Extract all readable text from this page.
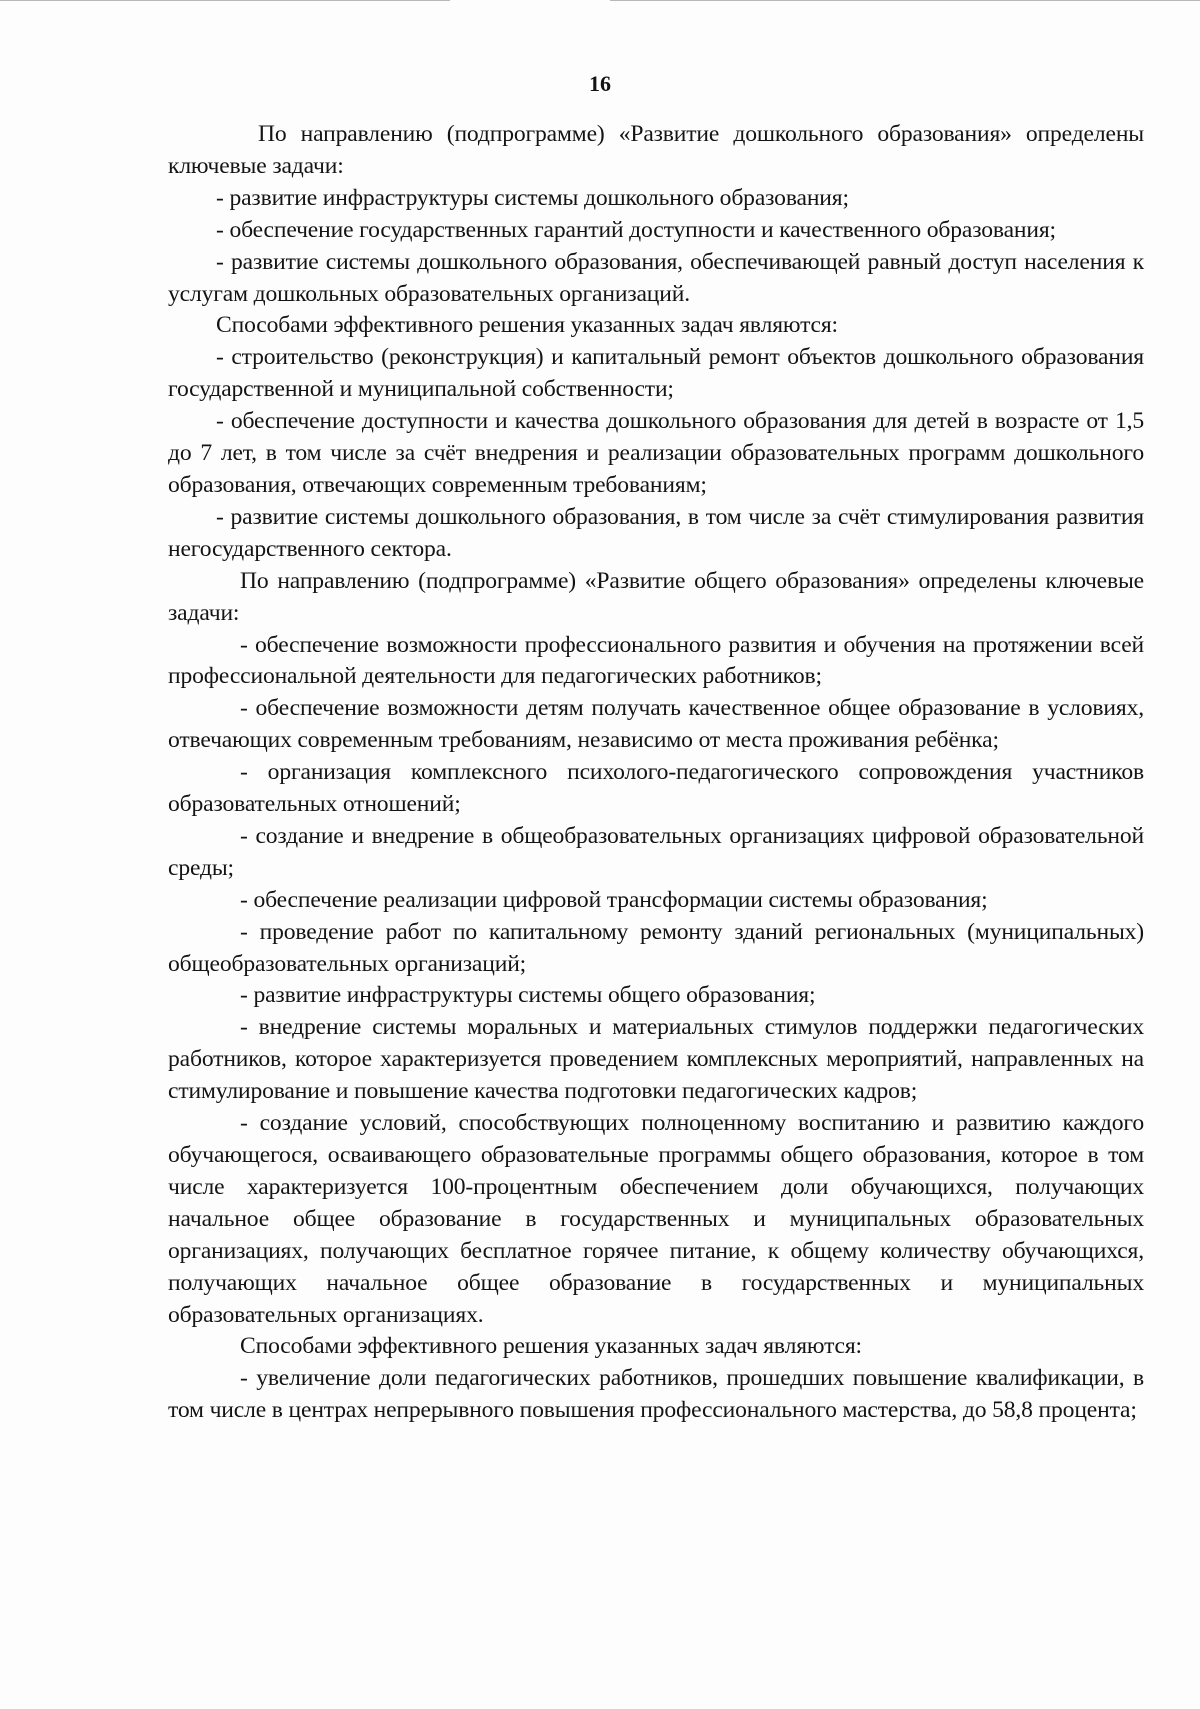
16

По направлению (подпрограмме) «Развитие дошкольного образования» определены ключевые задачи:

- развитие инфраструктуры системы дошкольного образования;

- обеспечение государственных гарантий доступности и качественного образования;

- развитие системы дошкольного образования, обеспечивающей равный доступ населения к услугам дошкольных образовательных организаций.

Способами эффективного решения указанных задач являются:

- строительство (реконструкция) и капитальный ремонт объектов дошкольного образования государственной и муниципальной собственности;

- обеспечение доступности и качества дошкольного образования для детей в возрасте от 1,5 до 7 лет, в том числе за счёт внедрения и реализации образовательных программ дошкольного образования, отвечающих современным требованиям;

- развитие системы дошкольного образования, в том числе за счёт стимулирования развития негосударственного сектора.

По направлению (подпрограмме) «Развитие общего образования» определены ключевые задачи:

- обеспечение возможности профессионального развития и обучения на протяжении всей профессиональной деятельности для педагогических работников;

- обеспечение возможности детям получать качественное общее образование в условиях, отвечающих современным требованиям, независимо от места проживания ребёнка;

- организация комплексного психолого-педагогического сопровождения участников образовательных отношений;

- создание и внедрение в общеобразовательных организациях цифровой образовательной среды;

- обеспечение реализации цифровой трансформации системы образования;

- проведение работ по капитальному ремонту зданий региональных (муниципальных) общеобразовательных организаций;

- развитие инфраструктуры системы общего образования;

- внедрение системы моральных и материальных стимулов поддержки педагогических работников, которое характеризуется проведением комплексных мероприятий, направленных на стимулирование и повышение качества подготовки педагогических кадров;

- создание условий, способствующих полноценному воспитанию и развитию каждого обучающегося, осваивающего образовательные программы общего образования, которое в том числе характеризуется 100-процентным обеспечением доли обучающихся, получающих начальное общее образование в государственных и муниципальных образовательных организациях, получающих бесплатное горячее питание, к общему количеству обучающихся, получающих начальное общее образование в государственных и муниципальных образовательных организациях.

Способами эффективного решения указанных задач являются:

- увеличение доли педагогических работников, прошедших повышение квалификации, в том числе в центрах непрерывного повышения профессионального мастерства, до 58,8 процента;
